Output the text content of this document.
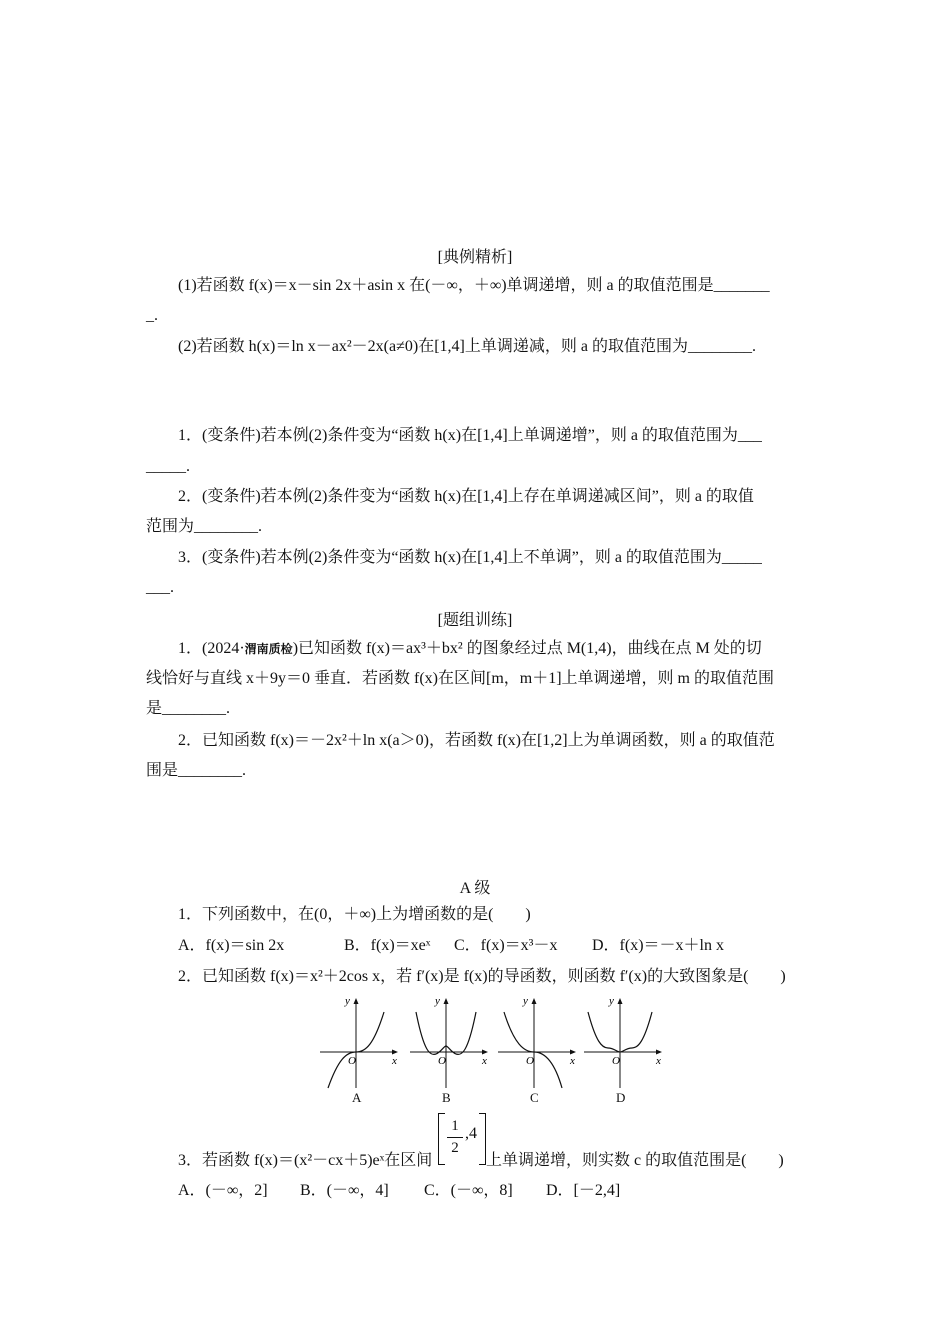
[典例精析]
(1)若函数 f(x)＝x－sin 2x＋asin x 在(－∞，＋∞)单调递增，则 a 的取值范围是_______
_.
(2)若函数 h(x)＝ln x－ax²－2x(a≠0)在[1,4]上单调递减，则 a 的取值范围为________.
1．(变条件)若本例(2)条件变为“函数 h(x)在[1,4]上单调递增”，则 a 的取值范围为___
_____.
2．(变条件)若本例(2)条件变为“函数 h(x)在[1,4]上存在单调递减区间”，则 a 的取值
范围为________.
3．(变条件)若本例(2)条件变为“函数 h(x)在[1,4]上不单调”，则 a 的取值范围为_____
___.
[题组训练]
1．(2024·渭南质检)已知函数 f(x)＝ax³＋bx² 的图象经过点 M(1,4)，曲线在点 M 处的切
线恰好与直线 x＋9y＝0 垂直．若函数 f(x)在区间[m，m＋1]上单调递增，则 m 的取值范围
是________.
2．已知函数 f(x)＝－2x²＋ln x(a＞0)，若函数 f(x)在[1,2]上为单调函数，则 a 的取值范
围是________.
A 级
1．下列函数中，在(0，＋∞)上为增函数的是(　　)
A．f(x)＝sin 2x	B．f(x)＝xeˣ C．f(x)＝x³－x D．f(x)＝－x＋ln x
2．已知函数 f(x)＝x²＋2cos x，若 f′(x)是 f(x)的导函数，则函数 f′(x)的大致图象是(　　)
O	x
y
A
O	x
y
B
O	x
y
C
O	x
y
D
3．若函数 f(x)＝(x²－cx＋5)eˣ在区间
1
2
,4
上单调递增，则实数 c 的取值范围是(　　)
A．(－∞，2] B．(－∞，4] C．(－∞，8] D．[－2,4]
